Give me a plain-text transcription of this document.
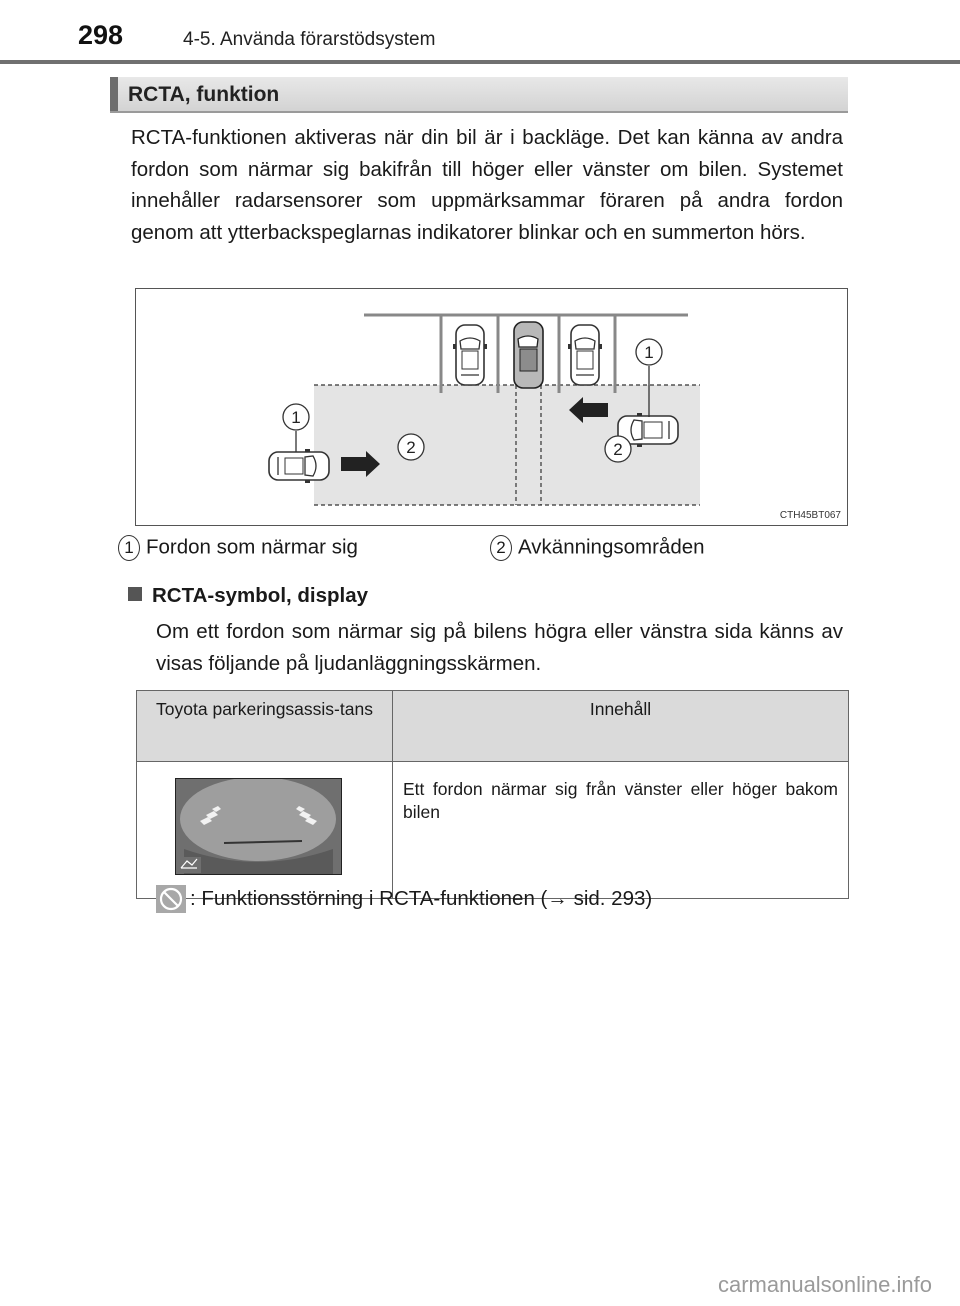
298	4-5. Använda förarstödsystem
RCTA, funktion
RCTA-funktionen aktiveras när din bil är i backläge. Det kan känna av andra fordon som närmar sig bakifrån till höger eller vänster om bilen. Systemet innehåller radarsensorer som uppmärksammar föraren på andra fordon genom att ytterbackspeglarnas indikatorer blinkar och en summerton hörs.
1
1
2	2
CTH45BT067
1 Fordon som närmar sig	2 Avkänningsområden
RCTA-symbol, display
Om ett fordon som närmar sig på bilens högra eller vänstra sida känns av visas följande på ljudanläggningsskärmen.
Toyota parkeringsassis-tans	Innehåll

	Ett fordon närmar sig från vänster eller höger bakom bilen
: Funktionsstörning i RCTA-funktionen (→ sid. 293)
carmanualsonline.info
